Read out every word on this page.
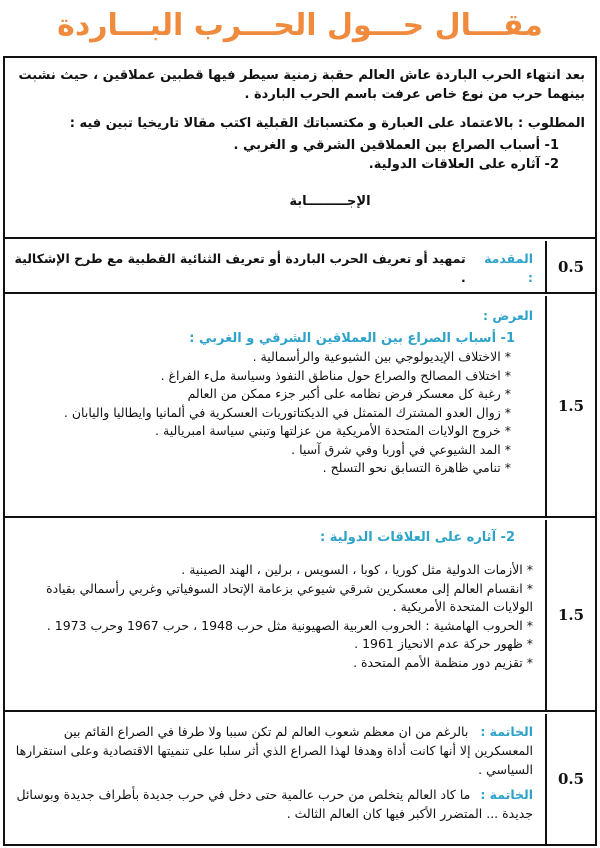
مقـــال حـــول الحـــرب البـــاردة

بعد انتهاء الحرب الباردة عاش العالم حقبة زمنية سيطر فيها قطبين عملاقين ، حيث نشبت بينهما حرب من نوع خاص عرفت باسم الحرب الباردة .

المطلوب : بالاعتماد على العبارة و مكتسباتك القبلية اكتب مقالا تاريخيا تبين فيه :

1- أسباب الصراع بين العملاقين الشرقي و الغربي .
2- آثاره على العلاقات الدولية.

الإجـــــــــابة

المقدمة :
تمهيد أو تعريف الحرب الباردة أو تعريف الثنائية القطبية مع طرح الإشكالية .
0.5
العرض :
1- أسباب الصراع بين العملاقين الشرقي و الغربي :
* الاختلاف الإيديولوجي بين الشيوعية والرأسمالية .
* اختلاف المصالح والصراع حول مناطق النفوذ وسياسة ملء الفراغ .
* رغبة كل معسكر فرض نظامه على أكبر جزء ممكن من العالم
* زوال العدو المشترك المتمثل في الديكتاتوريات العسكرية في ألمانيا وايطاليا واليابان .
* خروج الولايات المتحدة الأمريكية من عزلتها وتبني سياسة امبريالية .
* المد الشيوعي في أوربا وفي شرق آسيا .
* تنامي ظاهرة التسابق نحو التسلح .
1.5
2- آثاره على العلاقات الدولية :
* الأزمات الدولية مثل كوريا ، كوبا ، السويس ، برلين ، الهند الصينية .
* انقسام العالم إلى معسكرين شرقي شيوعي بزعامة الإتحاد السوفياتي وغربي رأسمالي بقيادة الولايات المتحدة الأمريكية .
* الحروب الهامشية : الحروب العربية الصهيونية مثل حرب 1948 ، حرب 1967 وحرب 1973 .
* ظهور حركة عدم الانحياز 1961 .
* تقزيم دور منظمة الأمم المتحدة .
1.5

الخاتمة : بالرغم من ان معظم شعوب العالم لم تكن سببا ولا طرفا في الصراع القائم بين المعسكرين إلا أنها كانت أداة وهدفا لهذا الصراع الذي أثر سلبا على تنميتها الاقتصادية وعلى استقرارها السياسي .

الخاتمة : ما كاد العالم يتخلص من حرب عالمية حتى دخل في حرب جديدة بأطراف جديدة وبوسائل جديدة ... المتضرر الأكبر فيها كان العالم الثالث .

0.5
